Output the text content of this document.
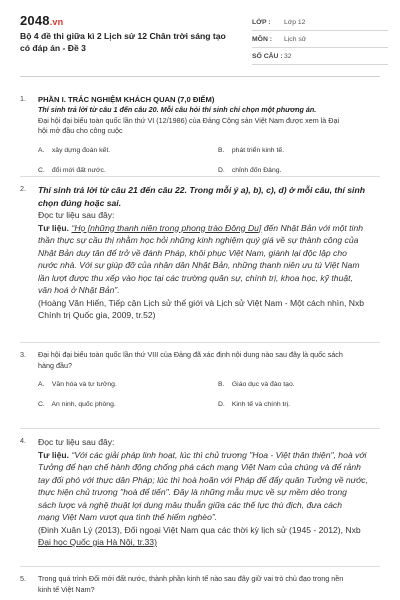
2048.vn
Bộ 4 đề thi giữa kì 2 Lịch sử 12 Chân trời sáng tạo có đáp án - Đề 3
LỚP :	Lớp 12
MÔN :	Lịch sử
SỐ CÂU : 32
1. PHẦN I. TRẮC NGHIỆM KHÁCH QUAN (7,0 ĐIỂM)
Thí sinh trả lời từ câu 1 đến câu 20. Mỗi câu hỏi thí sinh chỉ chọn một phương án.
Đại hội đại biểu toàn quốc lần thứ VI (12/1986) của Đảng Cộng sản Việt Nam được xem là Đại
hội mở đầu cho công cuộc
A. xây dựng đoàn kết.	B. phát triển kinh tế.
C. đổi mới đất nước.	D. chỉnh đốn Đảng.
2. Thí sinh trả lời từ câu 21 đến câu 22. Trong mỗi ý a), b), c), d) ở mỗi câu, thí sinh
chọn đúng hoặc sai.
Đọc tư liệu sau đây:
Tư liệu. “Họ [những thanh niên trong phong trào Đông Du] đến Nhật Bản với một tinh
thần thực sự cầu thị nhằm học hỏi những kinh nghiệm quý giá về sự thành công của
Nhật Bản duy tân để trở về đánh Pháp, khôi phục Việt Nam, giành lại độc lập cho
nước nhà. Với sự giúp đỡ của nhân dân Nhật Bản, những thanh niên ưu tú Việt Nam
lần lượt được thu xếp vào học tại các trường quân sự, chính trị, khoa học, kỹ thuật,
văn hoá ở Nhật Bản”.
(Hoàng Văn Hiển, Tiếp cận Lịch sử thế giới và Lịch sử Việt Nam - Một cách nhìn, Nxb
Chính trị Quốc gia, 2009, tr.52)
3. Đại hội đại biểu toàn quốc lần thứ VIII của Đảng đã xác định nội dung nào sau đây là quốc sách
hàng đầu?
A. Văn hóa và tư tưởng.	B. Giáo dục và đào tạo.
C. An ninh, quốc phòng.	D. Kinh tế và chính trị.
4. Đọc tư liệu sau đây:
Tư liệu. “Với các giải pháp linh hoạt, lúc thì chủ trương "Hoa - Việt thân thiện", hoà với
Tưởng để hạn chế hành động chống phá cách mạng Việt Nam của chúng và để rảnh
tay đối phó với thực dân Pháp; lúc thì hoà hoãn với Pháp để đẩy quân Tưởng về nước,
thực hiện chủ trương "hoà để tiến". Đây là những mẫu mực về sự mềm dẻo trong
sách lược và nghệ thuật lợi dụng mâu thuẫn giữa các thế lực thù địch, đưa cách
mạng Việt Nam vượt qua tình thế hiểm nghèo”.
(Đinh Xuân Lý (2013), Đối ngoại Việt Nam qua các thời kỳ lịch sử (1945 - 2012), Nxb
Đại học Quốc gia Hà Nội, tr.33)
5. Trong quá trình Đổi mới đất nước, thành phần kinh tế nào sau đây giữ vai trò chủ đạo trong nền
kinh tế Việt Nam?
